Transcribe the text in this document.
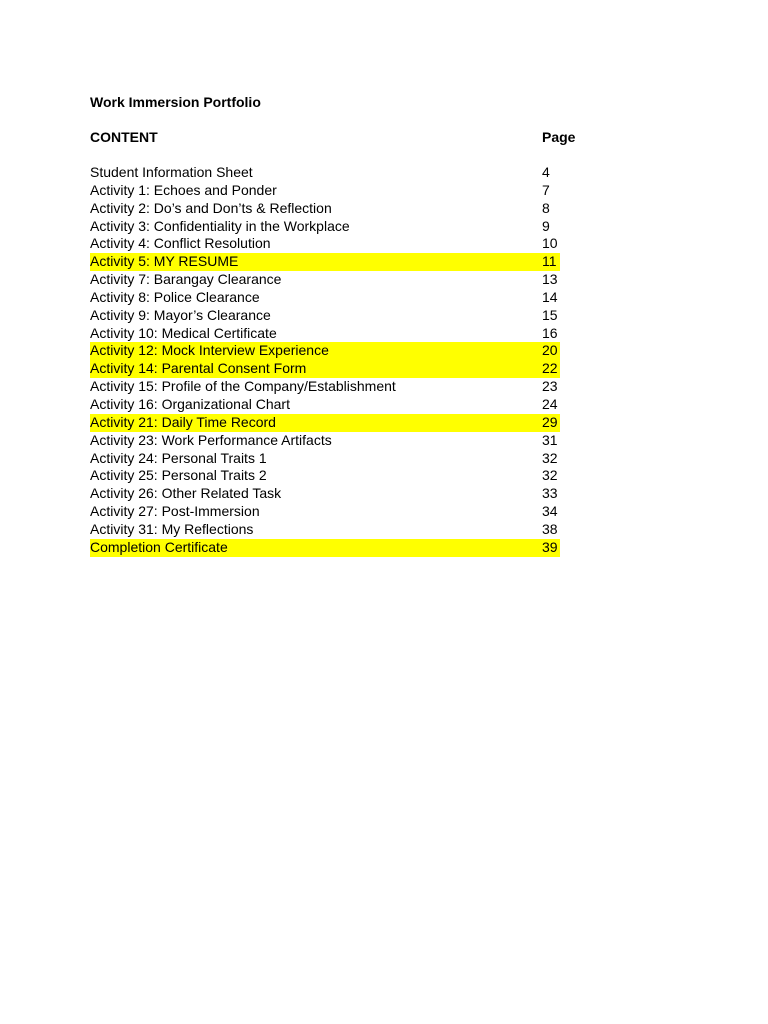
Work Immersion Portfolio
CONTENT	Page
Student Information Sheet	4
Activity 1: Echoes and Ponder	7
Activity 2: Do’s and Don’ts & Reflection	8
Activity 3: Confidentiality in the Workplace	9
Activity 4: Conflict Resolution	10
Activity 5: MY RESUME	11
Activity 7: Barangay Clearance	13
Activity 8: Police Clearance	14
Activity 9: Mayor’s Clearance	15
Activity 10: Medical Certificate	16
Activity 12: Mock Interview Experience	20
Activity 14: Parental Consent Form	22
Activity 15: Profile of the Company/Establishment	23
Activity 16: Organizational Chart	24
Activity 21: Daily Time Record	29
Activity 23: Work Performance Artifacts	31
Activity 24: Personal Traits 1	32
Activity 25: Personal Traits 2	32
Activity 26: Other Related Task	33
Activity 27: Post-Immersion	34
Activity 31: My Reflections	38
Completion Certificate	39
